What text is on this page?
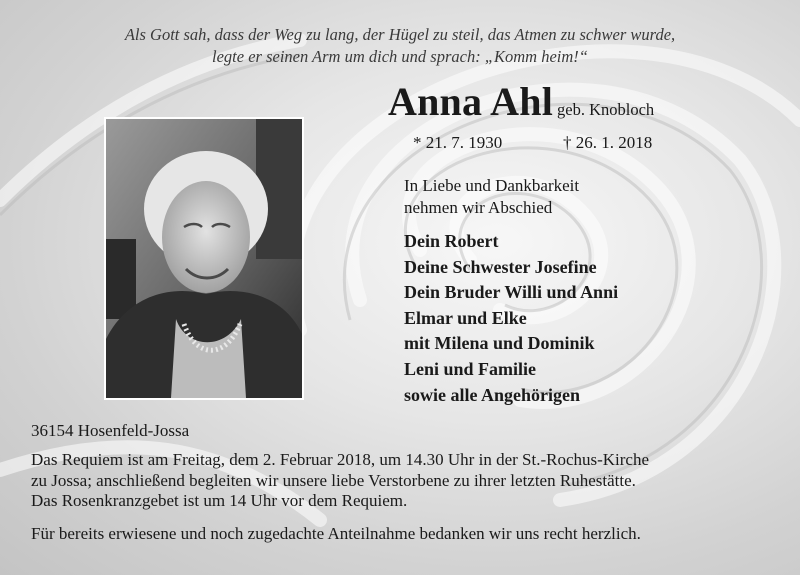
Als Gott sah, dass der Weg zu lang, der Hügel zu steil, das Atmen zu schwer wurde,
legte er seinen Arm um dich und sprach: „Komm heim!“
Anna Ahl geb. Knobloch
* 21. 7. 1930	† 26. 1. 2018
In Liebe und Dankbarkeit
nehmen wir Abschied
Dein Robert
Deine Schwester Josefine
Dein Bruder Willi und Anni
Elmar und Elke
mit Milena und Dominik
Leni und Familie
sowie alle Angehörigen
36154 Hosenfeld-Jossa
Das Requiem ist am Freitag, dem 2. Februar 2018, um 14.30 Uhr in der St.-Rochus-Kirche
zu Jossa; anschließend begleiten wir unsere liebe Verstorbene zu ihrer letzten Ruhestätte.
Das Rosenkranzgebet ist um 14 Uhr vor dem Requiem.
Für bereits erwiesene und noch zugedachte Anteilnahme bedanken wir uns recht herzlich.
